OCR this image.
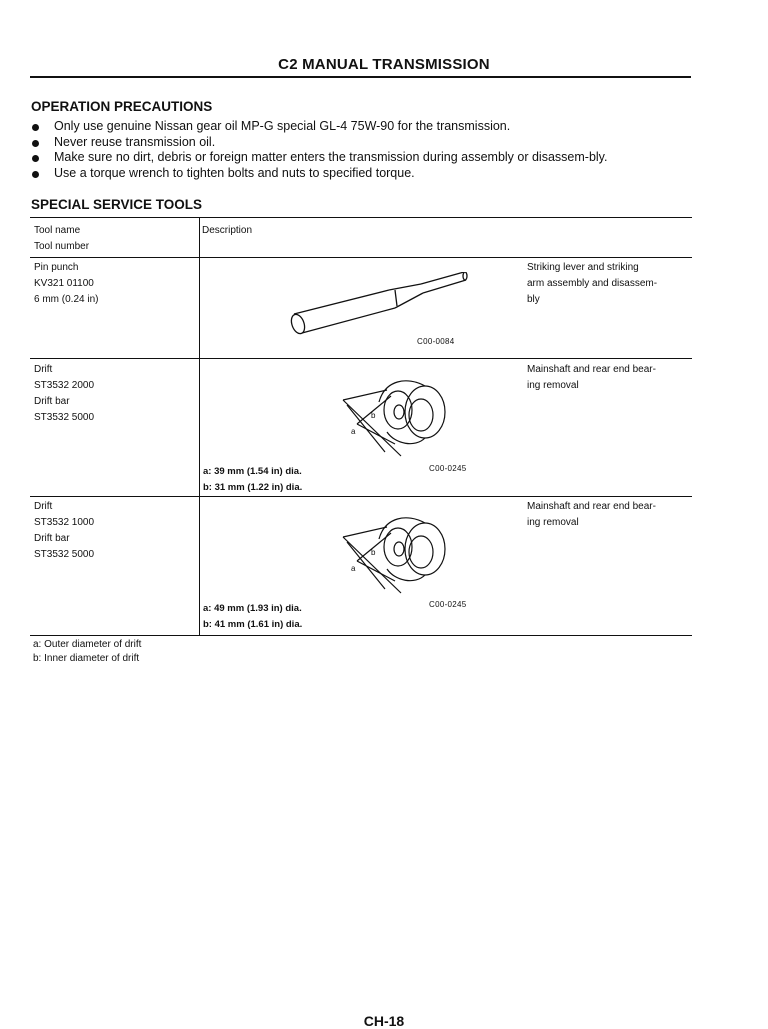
C2 MANUAL TRANSMISSION
OPERATION PRECAUTIONS
Only use genuine Nissan gear oil MP-G special GL-4 75W-90 for the transmission.
Never reuse transmission oil.
Make sure no dirt, debris or foreign matter enters the transmission during assembly or disassem-bly.
Use a torque wrench to tighten bolts and nuts to specified torque.
SPECIAL SERVICE TOOLS
Tool name
Tool number
Description
Pin punch
KV321 01100
6 mm (0.24 in)
C00-0084
Striking lever and striking
arm assembly and disassem-
bly
Drift
ST3532 2000
Drift bar
ST3532 5000
a
b
C00-0245
a: 39 mm (1.54 in) dia.
b: 31 mm (1.22 in) dia.
Mainshaft and rear end bear-
ing removal
Drift
ST3532 1000
Drift bar
ST3532 5000
a
b
C00-0245
a: 49 mm (1.93 in) dia.
b: 41 mm (1.61 in) dia.
Mainshaft and rear end bear-
ing removal
a: Outer diameter of drift
b: Inner diameter of drift
CH-18
